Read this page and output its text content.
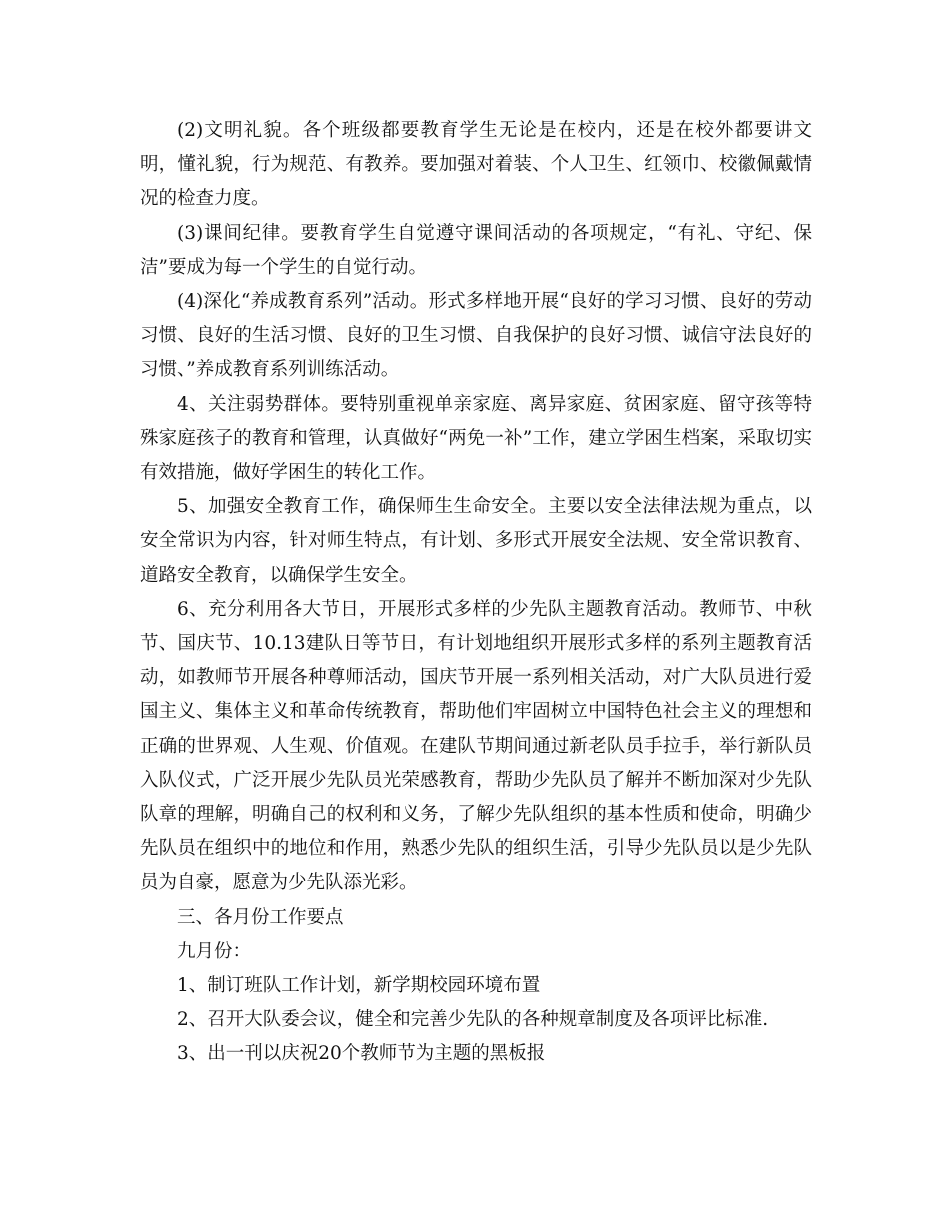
(2)文明礼貌。各个班级都要教育学生无论是在校内，还是在校外都要讲文明，懂礼貌，行为规范、有教养。要加强对着装、个人卫生、红领巾、校徽佩戴情况的检查力度。

(3)课间纪律。要教育学生自觉遵守课间活动的各项规定，“有礼、守纪、保洁”要成为每一个学生的自觉行动。

(4)深化“养成教育系列”活动。形式多样地开展“良好的学习习惯、良好的劳动习惯、良好的生活习惯、良好的卫生习惯、自我保护的良好习惯、诚信守法良好的习惯、”养成教育系列训练活动。

4、关注弱势群体。要特别重视单亲家庭、离异家庭、贫困家庭、留守孩等特殊家庭孩子的教育和管理，认真做好“两免一补”工作，建立学困生档案，采取切实有效措施，做好学困生的转化工作。

5、加强安全教育工作，确保师生生命安全。主要以安全法律法规为重点，以安全常识为内容，针对师生特点，有计划、多形式开展安全法规、安全常识教育、道路安全教育，以确保学生安全。

6、充分利用各大节日，开展形式多样的少先队主题教育活动。教师节、中秋节、国庆节、10.13建队日等节日，有计划地组织开展形式多样的系列主题教育活动，如教师节开展各种尊师活动，国庆节开展一系列相关活动，对广大队员进行爱国主义、集体主义和革命传统教育，帮助他们牢固树立中国特色社会主义的理想和正确的世界观、人生观、价值观。在建队节期间通过新老队员手拉手，举行新队员入队仪式，广泛开展少先队员光荣感教育，帮助少先队员了解并不断加深对少先队队章的理解，明确自己的权利和义务，了解少先队组织的基本性质和使命，明确少先队员在组织中的地位和作用，熟悉少先队的组织生活，引导少先队员以是少先队员为自豪，愿意为少先队添光彩。

三、各月份工作要点

九月份：

1、制订班队工作计划，新学期校园环境布置

2、召开大队委会议，健全和完善少先队的各种规章制度及各项评比标准.

3、出一刊以庆祝20个教师节为主题的黑板报
